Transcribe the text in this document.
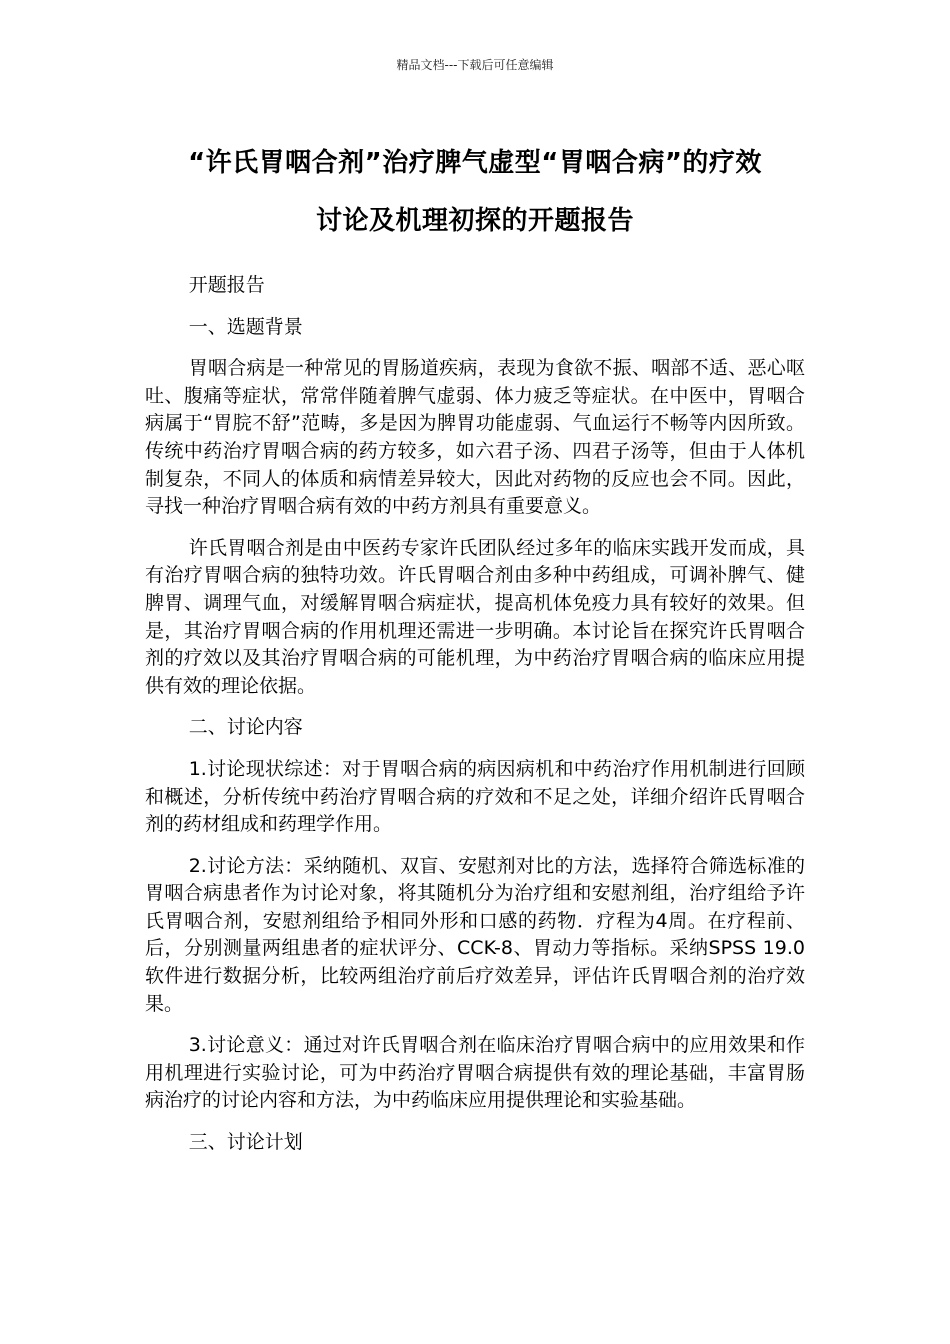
精品文档---下载后可任意编辑
“许氏胃咽合剂”治疗脾气虚型“胃咽合病”的疗效
讨论及机理初探的开题报告

开题报告

一、选题背景

胃咽合病是一种常见的胃肠道疾病，表现为食欲不振、咽部不适、恶心呕吐、腹痛等症状，常常伴随着脾气虚弱、体力疲乏等症状。在中医中，胃咽合病属于“胃脘不舒”范畴，多是因为脾胃功能虚弱、气血运行不畅等内因所致。传统中药治疗胃咽合病的药方较多，如六君子汤、四君子汤等，但由于人体机制复杂，不同人的体质和病情差异较大，因此对药物的反应也会不同。因此，寻找一种治疗胃咽合病有效的中药方剂具有重要意义。

许氏胃咽合剂是由中医药专家许氏团队经过多年的临床实践开发而成，具有治疗胃咽合病的独特功效。许氏胃咽合剂由多种中药组成，可调补脾气、健脾胃、调理气血，对缓解胃咽合病症状，提高机体免疫力具有较好的效果。但是，其治疗胃咽合病的作用机理还需进一步明确。本讨论旨在探究许氏胃咽合剂的疗效以及其治疗胃咽合病的可能机理，为中药治疗胃咽合病的临床应用提供有效的理论依据。

二、讨论内容

1.讨论现状综述：对于胃咽合病的病因病机和中药治疗作用机制进行回顾和概述，分析传统中药治疗胃咽合病的疗效和不足之处，详细介绍许氏胃咽合剂的药材组成和药理学作用。

2.讨论方法：采纳随机、双盲、安慰剂对比的方法，选择符合筛选标准的胃咽合病患者作为讨论对象，将其随机分为治疗组和安慰剂组，治疗组给予许氏胃咽合剂，安慰剂组给予相同外形和口感的药物．疗程为4周。在疗程前、后，分别测量两组患者的症状评分、CCK-8、胃动力等指标。采纳SPSS 19.0软件进行数据分析，比较两组治疗前后疗效差异，评估许氏胃咽合剂的治疗效果。

3.讨论意义：通过对许氏胃咽合剂在临床治疗胃咽合病中的应用效果和作用机理进行实验讨论，可为中药治疗胃咽合病提供有效的理论基础，丰富胃肠病治疗的讨论内容和方法，为中药临床应用提供理论和实验基础。

三、讨论计划
